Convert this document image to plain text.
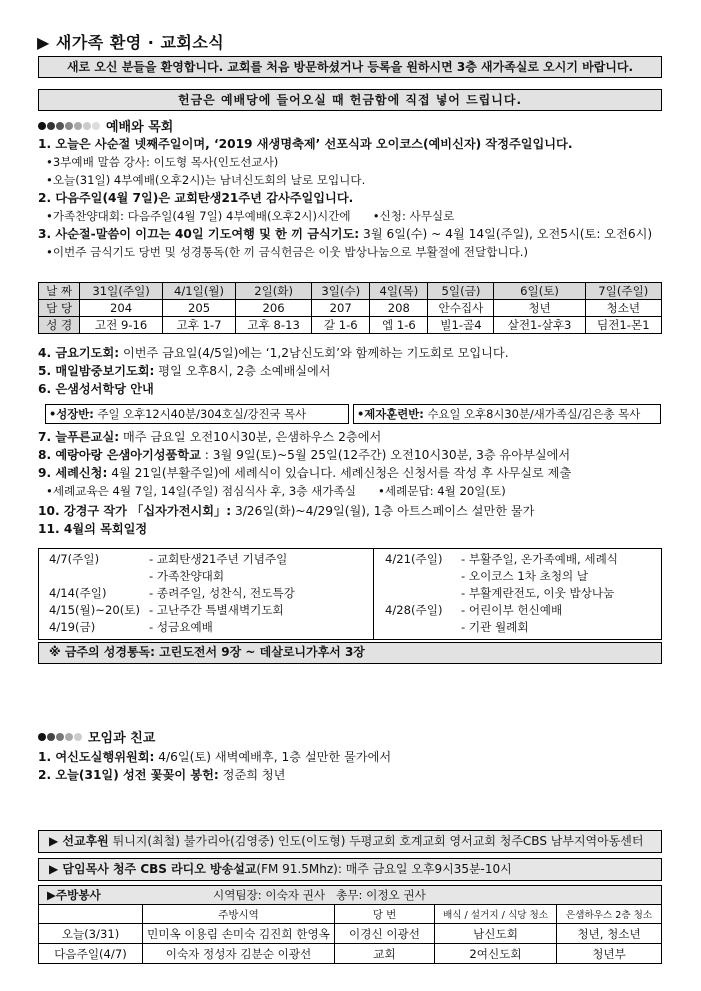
▶ 새가족 환영 · 교회소식
새로 오신 분들을 환영합니다. 교회를 처음 방문하셨거나 등록을 원하시면 3층 새가족실로 오시기 바랍니다.
헌금은 예배당에 들어오실 때 헌금함에 직접 넣어 드립니다.
예배와 목회
1. 오늘은 사순절 넷째주일이며, ‘2019 새생명축제’ 선포식과 오이코스(예비신자) 작정주일입니다.
•3부예배 말씀 강사: 이도형 목사(인도선교사)
•오늘(31일) 4부예배(오후2시)는 남녀신도회의 날로 모입니다.
2. 다음주일(4월 7일)은 교회탄생21주년 감사주일입니다.
•가족찬양대회: 다음주일(4월 7일) 4부예배(오후2시)시간에      •신청: 사무실로
3. 사순절-말씀이 이끄는 40일 기도여행 및 한 끼 금식기도: 3월 6일(수) ~ 4월 14일(주일), 오전5시(토: 오전6시)
•이번주 금식기도 당번 및 성경통독(한 끼 금식헌금은 이웃 밥상나눔으로 부활절에 전달합니다.)
날 짜	31일(주일)	4/1일(월)	2일(화)	3일(수)	4일(목)	5일(금)	6일(토)	7일(주일)
담 당	204	205	206	207	208	안수집사	청년	청소년
성 경	고전 9-16	고후 1-7	고후 8-13	갈 1-6	엡 1-6	빌1-골4	살전1-살후3	딤전1-몬1
4. 금요기도회: 이번주 금요일(4/5일)에는 ‘1,2남신도회’와 함께하는 기도회로 모입니다.
5. 매일밤중보기도회: 평일 오후8시, 2층 소예배실에서
6. 은샘성서학당 안내
•성장반: 주일 오후12시40분/304호실/강진국 목사	•제자훈련반: 수요일 오후8시30분/새가족실/김은총 목사
7. 늘푸른교실: 매주 금요일 오전10시30분, 은샘하우스 2층에서
8. 예랑아랑 은샘아기성품학교 : 3월 9일(토)~5월 25일(12주간) 오전10시30분, 3층 유아부실에서
9. 세례신청: 4월 21일(부활주일)에 세례식이 있습니다. 세례신청은 신청서를 작성 후 사무실로 제출
•세례교육은 4월 7일, 14일(주일) 점심식사 후, 3층 새가족실      •세례문답: 4월 20일(토)
10. 강경구 작가 「십자가전시회」: 3/26일(화)~4/29일(월), 1층 아트스페이스 설만한 물가
11. 4월의 목회일정
4/7(주일)	- 교회탄생21주년 기념주일
- 가족찬양대회
4/14(주일)	- 종려주일, 성찬식, 전도특강
4/15(월)~20(토) - 고난주간 특별새벽기도회
4/19(금)	- 성금요예배
4/21(주일) - 부활주일, 온가족예배, 세례식
- 오이코스 1차 초청의 날
- 부활계란전도, 이웃 밥상나눔
4/28(주일) - 어린이부 헌신예배
- 기관 월례회
※ 금주의 성경통독: 고린도전서 9장 ~ 데살로니가후서 3장
모임과 친교
1. 여신도실행위원회: 4/6일(토) 새벽예배후, 1층 설만한 물가에서
2. 오늘(31일) 성전 꽃꽂이 봉헌: 정준희 청년
▶ 선교후원 튀니지(최철) 불가리아(김영중) 인도(이도형) 두평교회 호계교회 영서교회 청주CBS 남부지역아동센터
▶ 담임목사 청주 CBS 라디오 방송설교(FM 91.5Mhz): 매주 금요일 오후9시35분-10시
▶주방봉사 시역팀장: 이숙자 권사   총무: 이정오 권사				
	주방시역	당 번	배식 / 설거지 / 식당 청소	은샘하우스 2층 청소
오늘(3/31)	민미옥 이용림 손미숙 김진희 한영옥	이경신 이광선	남신도회	청년, 청소년
다음주일(4/7)	이숙자 정성자 김분순 이광선	교회	2여신도회	청년부
